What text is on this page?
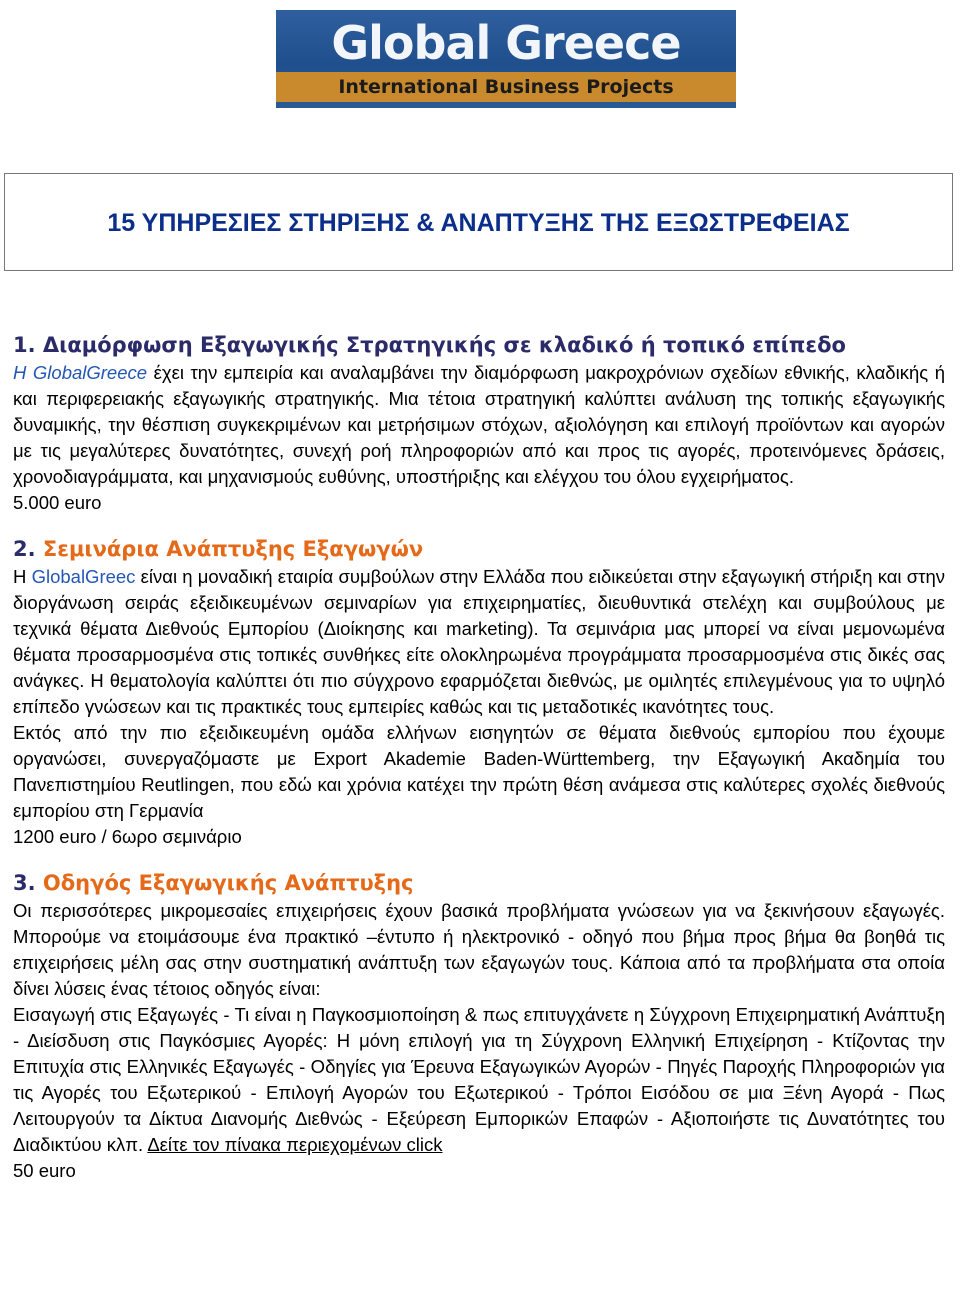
Global Greece
International Business Projects
15 ΥΠΗΡΕΣΙΕΣ ΣΤΗΡΙΞΗΣ & ΑΝΑΠΤΥΞΗΣ ΤΗΣ ΕΞΩΣΤΡΕΦΕΙΑΣ
1. Διαμόρφωση Εξαγωγικής Στρατηγικής σε κλαδικό ή τοπικό επίπεδο

Η GlobalGreece έχει την εμπειρία και αναλαμβάνει την διαμόρφωση μακροχρόνιων σχεδίων εθνικής, κλαδικής ή και περιφερειακής εξαγωγικής στρατηγικής. Μια τέτοια στρατηγική καλύπτει ανάλυση της τοπικής εξαγωγικής δυναμικής, την θέσπιση συγκεκριμένων και μετρήσιμων στόχων, αξιολόγηση και επιλογή προϊόντων και αγορών με τις μεγαλύτερες δυνατότητες, συνεχή ροή πληροφοριών από και προς τις αγορές, προτεινόμενες δράσεις, χρονοδιαγράμματα, και μηχανισμούς ευθύνης, υποστήριξης και ελέγχου του όλου εγχειρήματος.

5.000 euro

2. Σεμινάρια Ανάπτυξης Εξαγωγών

Η GlobalGreec είναι η μοναδική εταιρία συμβούλων στην Ελλάδα που ειδικεύεται στην εξαγωγική στήριξη και στην διοργάνωση σειράς εξειδικευμένων σεμιναρίων για επιχειρηματίες, διευθυντικά στελέχη και συμβούλους με τεχνικά θέματα Διεθνούς Εμπορίου (Διοίκησης και marketing). Τα σεμινάρια μας μπορεί να είναι μεμονωμένα θέματα προσαρμοσμένα στις τοπικές συνθήκες είτε ολοκληρωμένα προγράμματα προσαρμοσμένα στις δικές σας ανάγκες. Η θεματολογία καλύπτει ότι πιο σύγχρονο εφαρμόζεται διεθνώς, με ομιλητές επιλεγμένους για το υψηλό επίπεδο γνώσεων και τις πρακτικές τους εμπειρίες καθώς και τις μεταδοτικές ικανότητες τους.

Εκτός από την πιο εξειδικευμένη ομάδα ελλήνων εισηγητών σε θέματα διεθνούς εμπορίου που έχουμε οργανώσει, συνεργαζόμαστε με Export Akademie Baden-Württemberg, την Εξαγωγική Ακαδημία του Πανεπιστημίου Reutlingen, που εδώ και χρόνια κατέχει την πρώτη θέση ανάμεσα στις καλύτερες σχολές διεθνούς εμπορίου στη Γερμανία

1200 euro / 6ωρο σεμινάριο

3. Οδηγός Εξαγωγικής Ανάπτυξης

Οι περισσότερες μικρομεσαίες επιχειρήσεις έχουν βασικά προβλήματα γνώσεων για να ξεκινήσουν εξαγωγές. Μπορούμε να ετοιμάσουμε ένα πρακτικό –έντυπο ή ηλεκτρονικό - οδηγό που βήμα προς βήμα θα βοηθά τις επιχειρήσεις μέλη σας στην συστηματική ανάπτυξη των εξαγωγών τους. Κάποια από τα προβλήματα στα οποία δίνει λύσεις ένας τέτοιος οδηγός είναι:

Εισαγωγή στις Εξαγωγές - Τι είναι η Παγκοσμιοποίηση & πως επιτυγχάνετε η Σύγχρονη Επιχειρηματική Ανάπτυξη - Διείσδυση στις Παγκόσμιες Αγορές: Η μόνη επιλογή για τη Σύγχρονη Ελληνική Επιχείρηση - Κτίζοντας την Επιτυχία στις Ελληνικές Εξαγωγές - Οδηγίες για Έρευνα Εξαγωγικών Αγορών - Πηγές Παροχής Πληροφοριών για τις Αγορές του Εξωτερικού - Επιλογή Αγορών του Εξωτερικού - Τρόποι Εισόδου σε μια Ξένη Αγορά - Πως Λειτουργούν τα Δίκτυα Διανομής Διεθνώς - Εξεύρεση Εμπορικών Επαφών - Αξιοποιήστε τις Δυνατότητες του Διαδικτύου κλπ. Δείτε τον πίνακα περιεχομένων click

50 euro
